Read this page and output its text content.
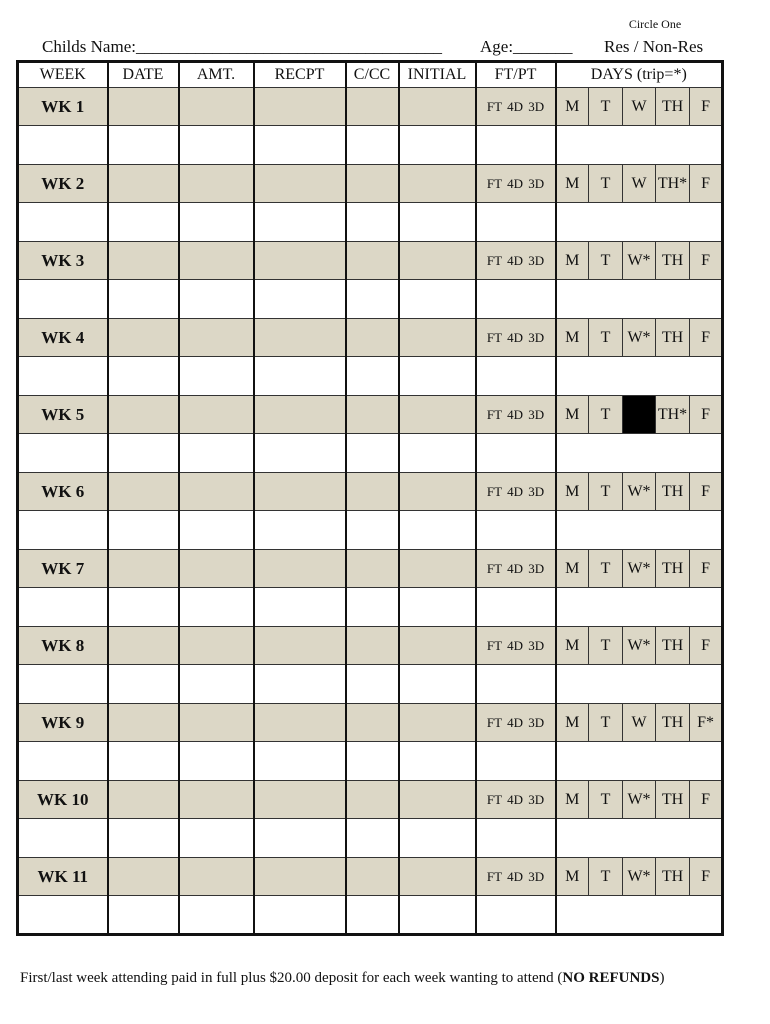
Circle One
Childs Name:____________________________________ Age:_______ Res / Non-Res
WEEK	DATE	AMT.	RECPT	C/CC	INITIAL	FT/PT	DAYS (trip=*)				
WK 1						FT 4D 3D	M	T	W	TH	F

WK 2						FT 4D 3D	M	T	W	TH*	F

WK 3						FT 4D 3D	M	T	W*	TH	F

WK 4						FT 4D 3D	M	T	W*	TH	F

WK 5						FT 4D 3D	M	T		TH*	F

WK 6						FT 4D 3D	M	T	W*	TH	F

WK 7						FT 4D 3D	M	T	W*	TH	F

WK 8						FT 4D 3D	M	T	W*	TH	F

WK 9						FT 4D 3D	M	T	W	TH	F*

WK 10						FT 4D 3D	M	T	W*	TH	F

WK 11						FT 4D 3D	M	T	W*	TH	F

First/last week attending paid in full plus $20.00 deposit for each week wanting to attend (NO REFUNDS)
